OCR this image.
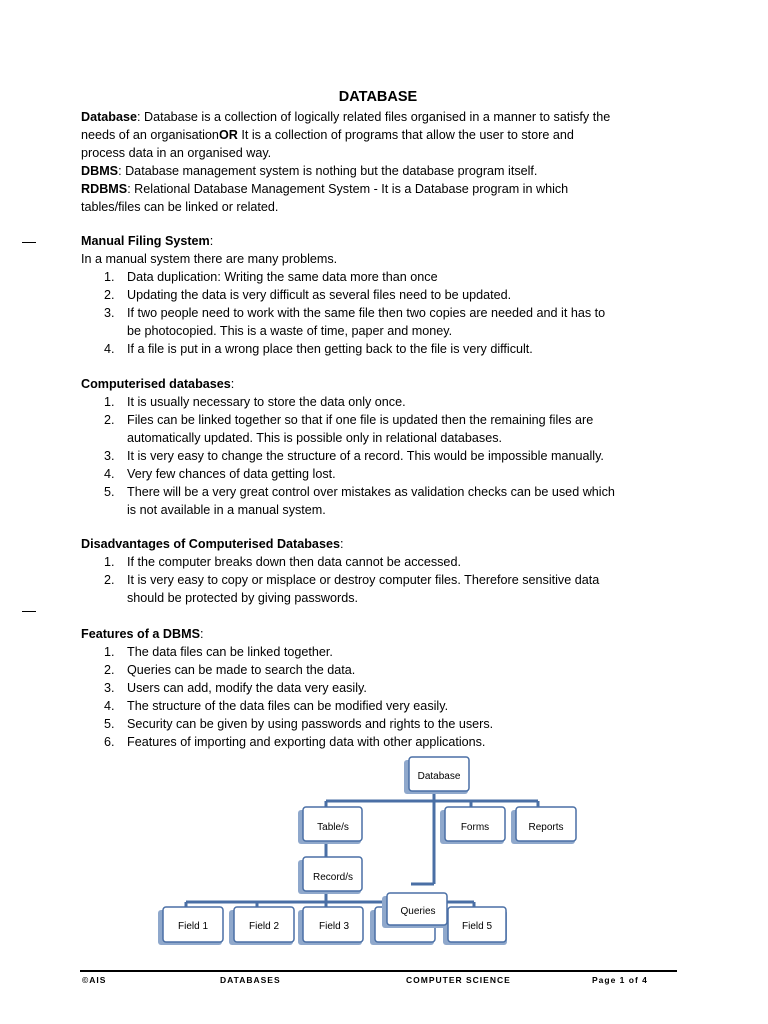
DATABASE

Database: Database is a collection of logically related files organised in a manner to satisfy the

needs of an organisationOR It is a collection of programs that allow the user to store and

process data in an organised way.

DBMS: Database management system is nothing but the database program itself.

RDBMS: Relational Database Management System - It is a Database program in which

tables/files can be linked or related.

Manual Filing System:

In a manual system there are many problems.

1. Data duplication: Writing the same data more than once
2. Updating the data is very difficult as several files need to be updated.
3. If two people need to work with the same file then two copies are needed and it has to
be photocopied. This is a waste of time, paper and money.
4. If a file is put in a wrong place then getting back to the file is very difficult.

Computerised databases:

1. It is usually necessary to store the data only once.
2. Files can be linked together so that if one file is updated then the remaining files are
automatically updated. This is possible only in relational databases.
3. It is very easy to change the structure of a record. This would be impossible manually.
4. Very few chances of data getting lost.
5. There will be a very great control over mistakes as validation checks can be used which
is not available in a manual system.

Disadvantages of Computerised Databases:

1. If the computer breaks down then data cannot be accessed.
2. It is very easy to copy or misplace or destroy computer files. Therefore sensitive data
should be protected by giving passwords.

Features of a DBMS:

1. The data files can be linked together.
2. Queries can be made to search the data.
3. Users can add, modify the data very easily.
4. The structure of the data files can be modified very easily.
5. Security can be given by using passwords and rights to the users.
6. Features of importing and exporting data with other applications.
Database
Table/s	Forms	Reports
Record/s
Field 1	Field 2	Field 3	Field 5
Queries
©AIS	DATABASES	COMPUTER SCIENCE	Page 1 of 4
